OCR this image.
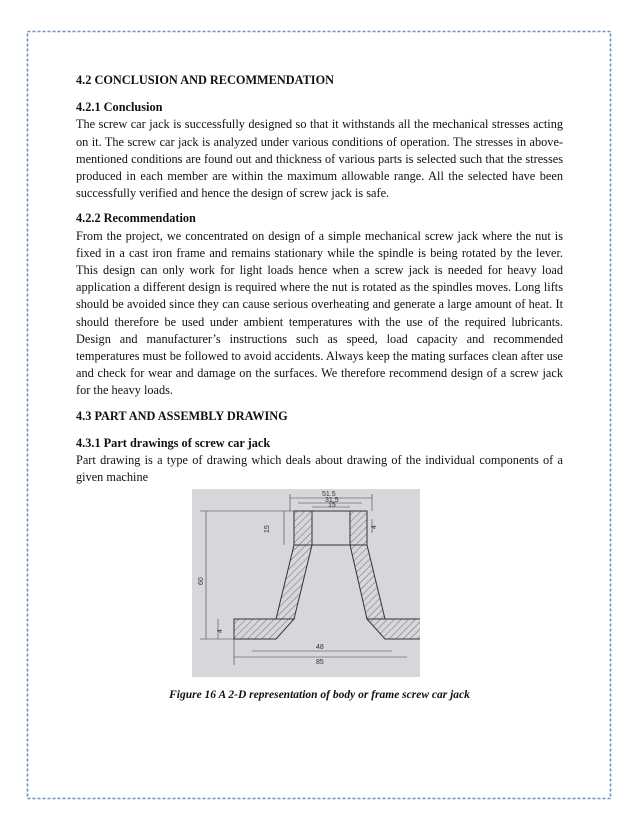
4.2 CONCLUSION AND RECOMMENDATION
4.2.1 Conclusion

The screw car jack is successfully designed so that it withstands all the mechanical stresses acting on it. The screw car jack is analyzed under various conditions of operation. The stresses in above-mentioned conditions are found out and thickness of various parts is selected such that the stresses produced in each member are within the maximum allowable range. All the selected have been successfully verified and hence the design of screw jack is safe.

4.2.2 Recommendation

From the project, we concentrated on design of a simple mechanical screw jack where the nut is fixed in a cast iron frame and remains stationary while the spindle is being rotated by the lever. This design can only work for light loads hence when a screw jack is needed for heavy load application a different design is required where the nut is rotated as the spindles moves. Long lifts should be avoided since they can cause serious overheating and generate a large amount of heat. It should therefore be used under ambient temperatures with the use of the required lubricants. Design and manufacturer’s instructions such as speed, load capacity and recommended temperatures must be followed to avoid accidents. Always keep the mating surfaces clean after use and check for wear and damage on the surfaces. We therefore recommend design of a screw jack for the heavy loads.

4.3 PART AND ASSEMBLY DRAWING
4.3.1 Part drawings of screw car jack

Part drawing is a type of drawing which deals about drawing of the individual components of a given machine

51.5
31.5
15
15	4
60
4
48
85
Figure 16 A 2-D representation of body or frame screw car jack
